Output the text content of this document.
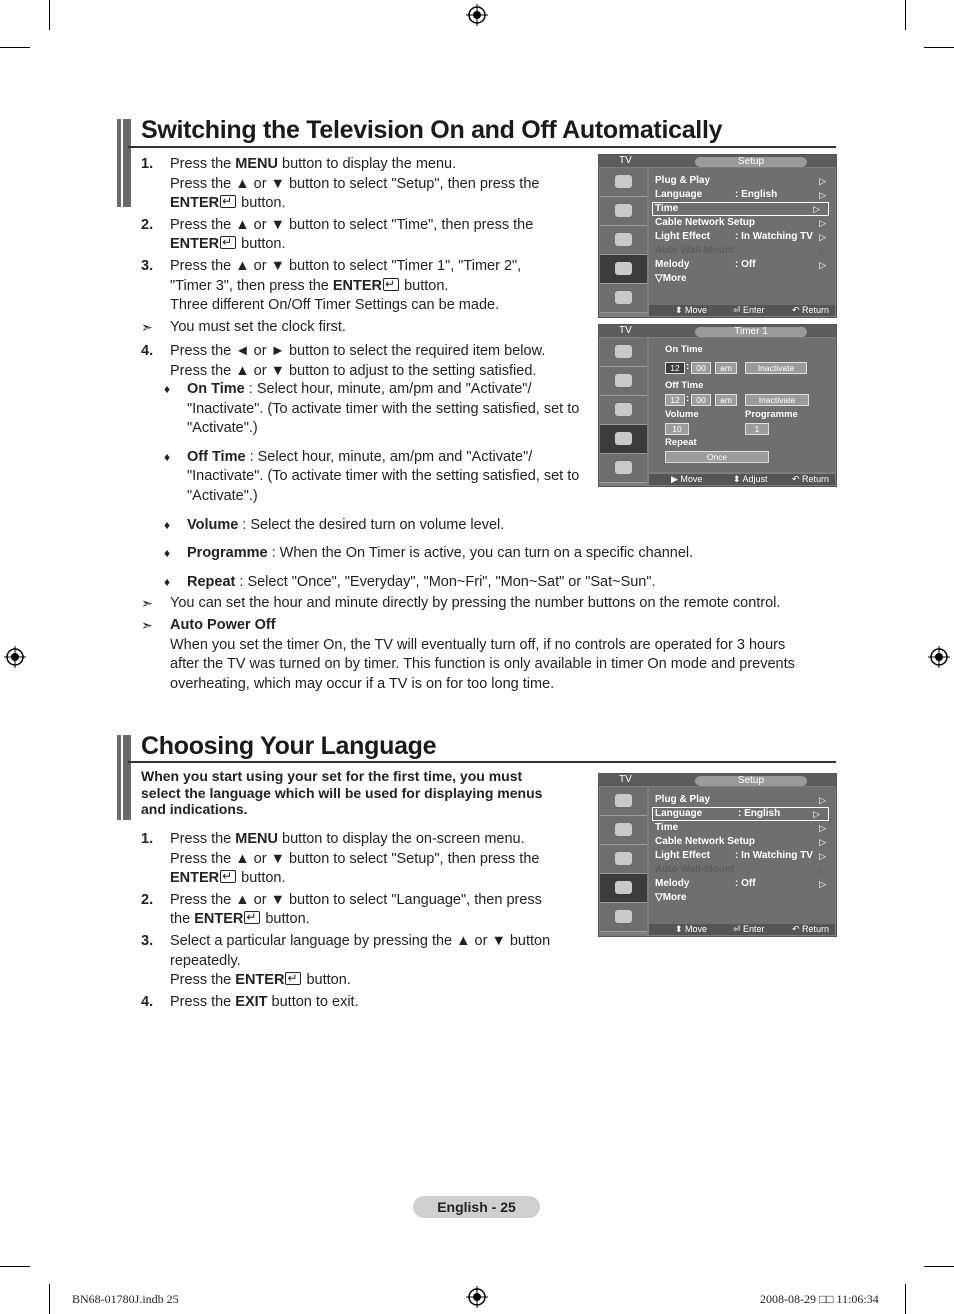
Switching the Television On and Off Automatically
1. Press the MENU button to display the menu.
Press the ▲ or ▼ button to select "Setup", then press the
ENTER↵ button.
2. Press the ▲ or ▼ button to select "Time", then press the
ENTER↵ button.
3. Press the ▲ or ▼ button to select "Timer 1", "Timer 2",
"Timer 3", then press the ENTER↵ button.
Three different On/Off Timer Settings can be made.
➣ You must set the clock first.
4. Press the ◄ or ► button to select the required item below.
Press the ▲ or ▼ button to adjust to the setting satisfied.
♦ On Time : Select hour, minute, am/pm and "Activate"/
"Inactivate". (To activate timer with the setting satisfied, set to
"Activate".)
♦ Off Time : Select hour, minute, am/pm and "Activate"/
"Inactivate". (To activate timer with the setting satisfied, set to
"Activate".)
♦ Volume : Select the desired turn on volume level.
♦ Programme : When the On Timer is active, you can turn on a specific channel.
♦ Repeat : Select "Once", "Everyday", "Mon~Fri", "Mon~Sat" or "Sat~Sun".
➣ You can set the hour and minute directly by pressing the number buttons on the remote control.
➣ Auto Power Off
When you set the timer On, the TV will eventually turn off, if no controls are operated for 3 hours
after the TV was turned on by timer. This function is only available in timer On mode and prevents
overheating, which may occur if a TV is on for too long time.
TV	Setup
Plug & Play	▷
Language	: English	▷
Time	▷
Cable Network Setup	▷
Light Effect	: In Watching TV ▷
Auto Wall-Mount	▷
Melody	: Off	▷
▽More
⬍ Move	⏎ Enter	↶ Return
TV	Timer 1
On Time
12 : 00	am	Inactivate
Off Time
12 : 00	am	Inactivate
Volume	Programme
10	1
Repeat
Once
▶ Move	⬍ Adjust	↶ Return
Choosing Your Language
When you start using your set for the first time, you must
select the language which will be used for displaying menus
and indications.
1. Press the MENU button to display the on-screen menu.
Press the ▲ or ▼ button to select "Setup", then press the
ENTER↵ button.
2. Press the ▲ or ▼ button to select "Language", then press
the ENTER↵ button.
3. Select a particular language by pressing the ▲ or ▼ button
repeatedly.
Press the ENTER↵ button.
4. Press the EXIT button to exit.
TV	Setup
Plug & Play	▷
Language	: English	▷
Time	▷
Cable Network Setup	▷
Light Effect	: In Watching TV ▷
Auto Wall-Mount	▷
Melody	: Off	▷
▽More
⬍ Move	⏎ Enter	↶ Return
English - 25
BN68-01780J.indb 25	2008-08-29 □□ 11:06:34
